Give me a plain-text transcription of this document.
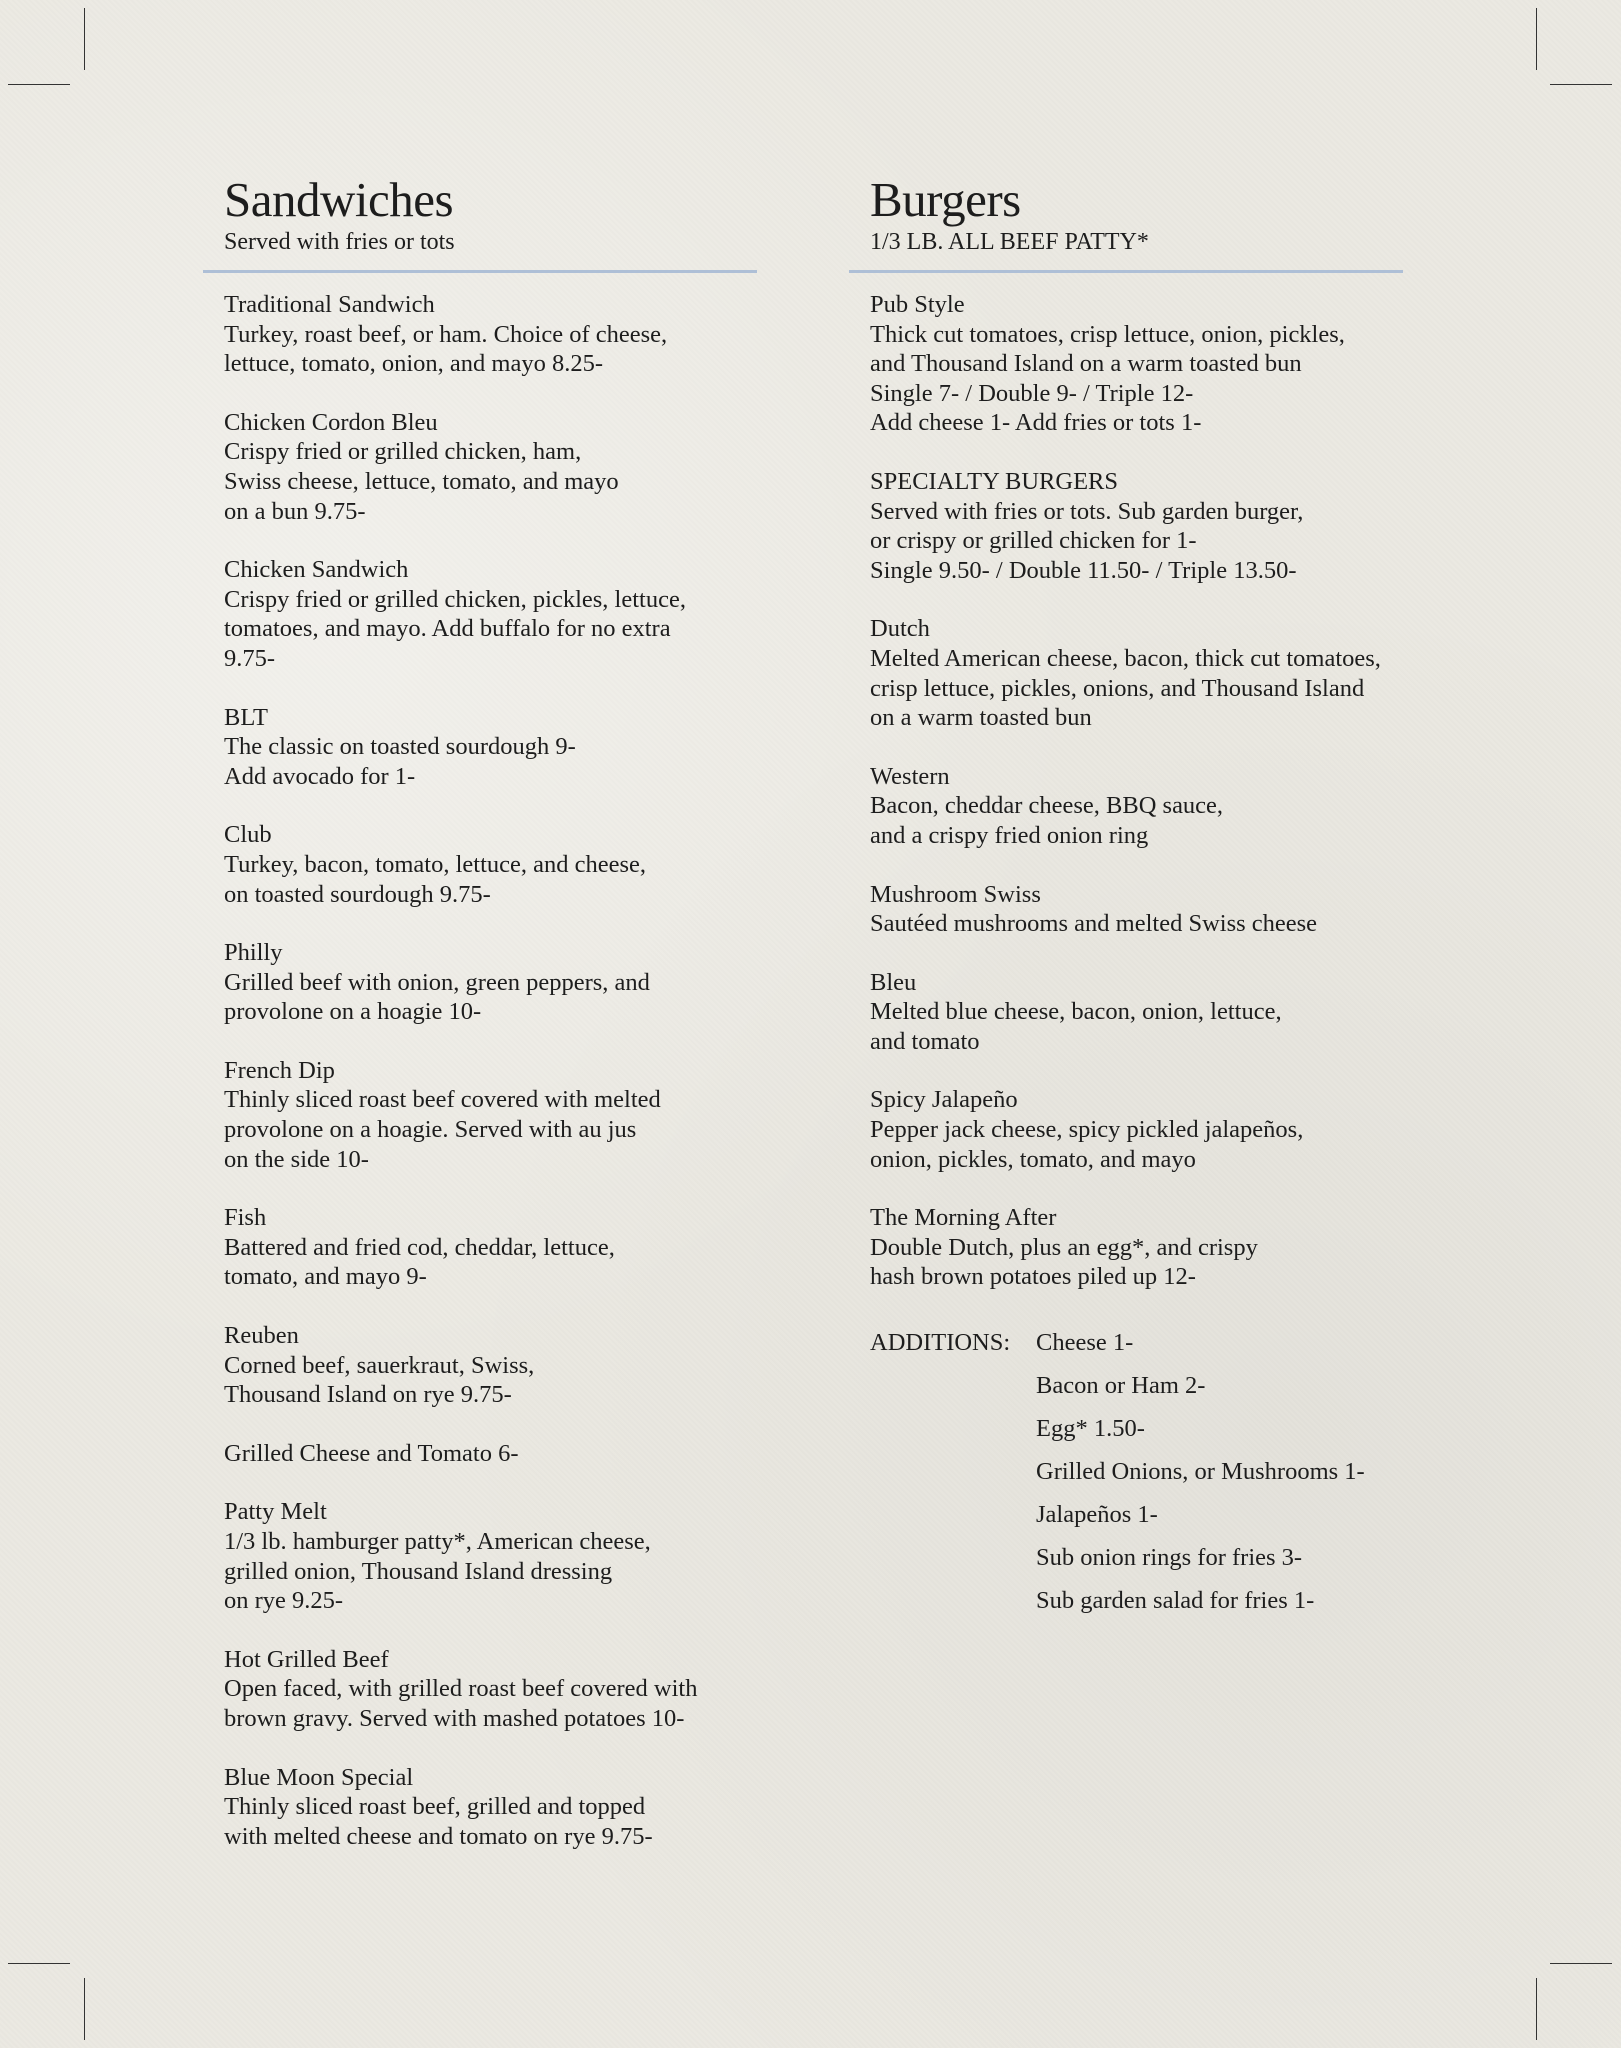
Sandwiches

Served with fries or tots

Traditional Sandwich
Turkey, roast beef, or ham. Choice of cheese,
lettuce, tomato, onion, and mayo 8.25-
Chicken Cordon Bleu
Crispy fried or grilled chicken, ham,
Swiss cheese, lettuce, tomato, and mayo
on a bun 9.75-
Chicken Sandwich
Crispy fried or grilled chicken, pickles, lettuce,
tomatoes, and mayo. Add buffalo for no extra
9.75-
BLT
The classic on toasted sourdough 9-
Add avocado for 1-
Club
Turkey, bacon, tomato, lettuce, and cheese,
on toasted sourdough 9.75-
Philly
Grilled beef with onion, green peppers, and
provolone on a hoagie 10-
French Dip
Thinly sliced roast beef covered with melted
provolone on a hoagie. Served with au jus
on the side 10-
Fish
Battered and fried cod, cheddar, lettuce,
tomato, and mayo 9-
Reuben
Corned beef, sauerkraut, Swiss,
Thousand Island on rye 9.75-
Grilled Cheese and Tomato 6-
Patty Melt
1/3 lb. hamburger patty*, American cheese,
grilled onion, Thousand Island dressing
on rye 9.25-
Hot Grilled Beef
Open faced, with grilled roast beef covered with
brown gravy. Served with mashed potatoes 10-
Blue Moon Special
Thinly sliced roast beef, grilled and topped
with melted cheese and tomato on rye 9.75-
Burgers

1/3 LB. ALL BEEF PATTY*

Pub Style
Thick cut tomatoes, crisp lettuce, onion, pickles,
and Thousand Island on a warm toasted bun
Single 7- / Double 9- / Triple 12-
Add cheese 1- Add fries or tots 1-
SPECIALTY BURGERS
Served with fries or tots. Sub garden burger,
or crispy or grilled chicken for 1-
Single 9.50- / Double 11.50- / Triple 13.50-
Dutch
Melted American cheese, bacon, thick cut tomatoes,
crisp lettuce, pickles, onions, and Thousand Island
on a warm toasted bun
Western
Bacon, cheddar cheese, BBQ sauce,
and a crispy fried onion ring
Mushroom Swiss
Sautéed mushrooms and melted Swiss cheese
Bleu
Melted blue cheese, bacon, onion, lettuce,
and tomato
Spicy Jalapeño
Pepper jack cheese, spicy pickled jalapeños,
onion, pickles, tomato, and mayo
The Morning After
Double Dutch, plus an egg*, and crispy
hash brown potatoes piled up 12-
ADDITIONS: Cheese 1-
Bacon or Ham 2-
Egg* 1.50-
Grilled Onions, or Mushrooms 1-
Jalapeños 1-
Sub onion rings for fries 3-
Sub garden salad for fries 1-
